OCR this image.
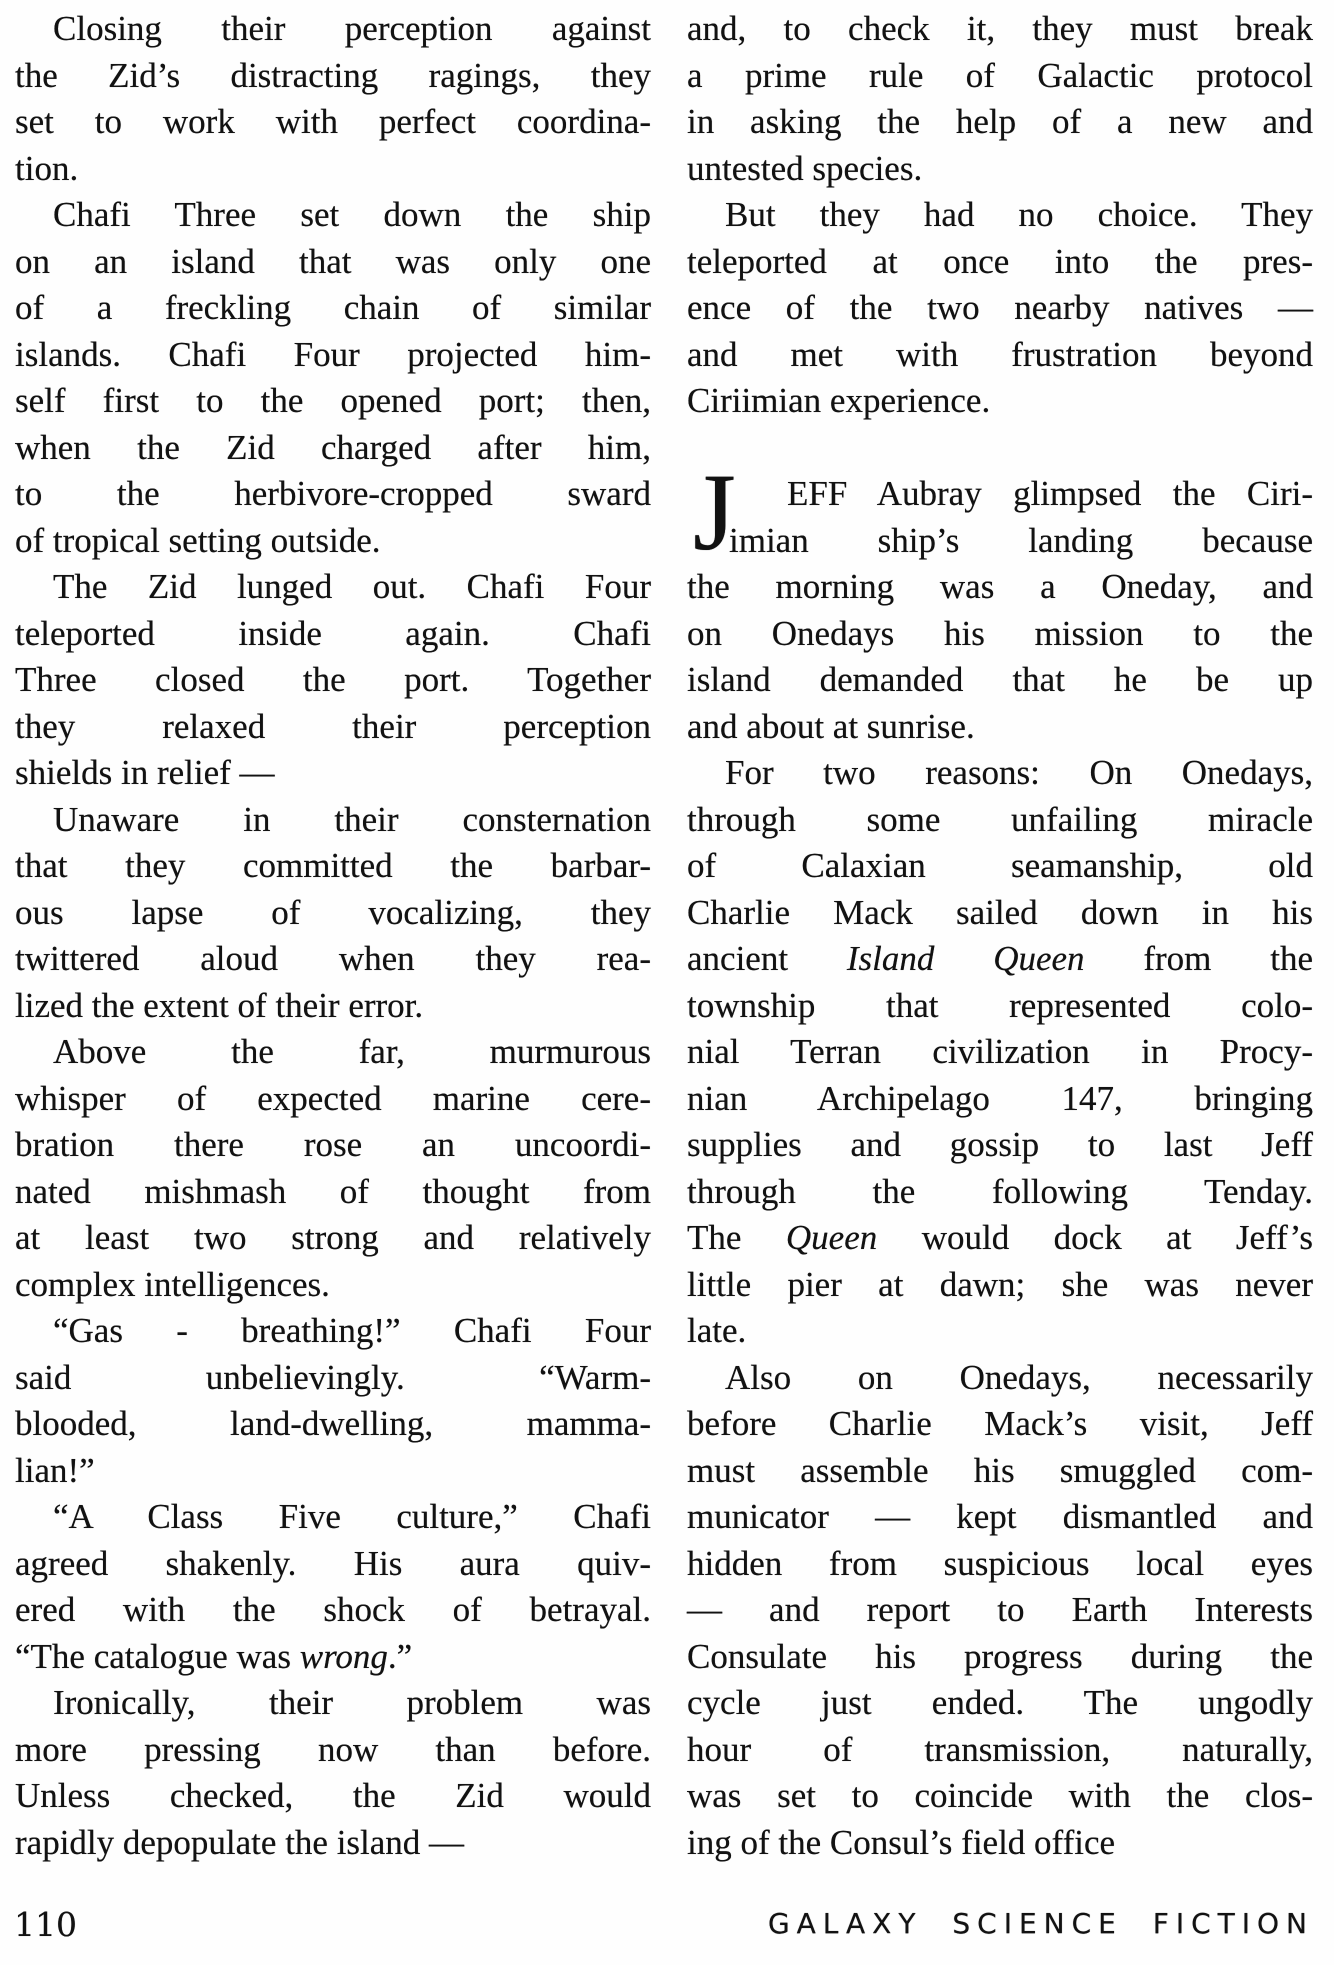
Closing their perception against
the Zid’s distracting ragings, they
set to work with perfect coordina-
tion.
Chafi Three set down the ship
on an island that was only one
of a freckling chain of similar
islands. Chafi Four projected him-
self first to the opened port; then,
when the Zid charged after him,
to the herbivore-cropped sward
of tropical setting outside.
The Zid lunged out. Chafi Four
teleported inside again. Chafi
Three closed the port. Together
they relaxed their perception
shields in relief —
Unaware in their consternation
that they committed the barbar-
ous lapse of vocalizing, they
twittered aloud when they rea-
lized the extent of their error.
Above the far, murmurous
whisper of expected marine cere-
bration there rose an uncoordi-
nated mishmash of thought from
at least two strong and relatively
complex intelligences.
“Gas - breathing!” Chafi Four
said unbelievingly. “Warm-
blooded, land-dwelling, mamma-
lian!”
“A Class Five culture,” Chafi
agreed shakenly. His aura quiv-
ered with the shock of betrayal.
“The catalogue was wrong.”
Ironically, their problem was
more pressing now than before.
Unless checked, the Zid would
rapidly depopulate the island —
and, to check it, they must break
a prime rule of Galactic protocol
in asking the help of a new and
untested species.
But they had no choice. They
teleported at once into the pres-
ence of the two nearby natives —
and met with frustration beyond
Ciriimian experience.
J	EFF Aubray glimpsed the Ciri-
imian ship’s landing because
the morning was a Oneday, and
on Onedays his mission to the
island demanded that he be up
and about at sunrise.
For two reasons: On Onedays,
through some unfailing miracle
of Calaxian seamanship, old
Charlie Mack sailed down in his
ancient Island Queen from the
township that represented colo-
nial Terran civilization in Procy-
nian Archipelago 147, bringing
supplies and gossip to last Jeff
through the following Tenday.
The Queen would dock at Jeff’s
little pier at dawn; she was never
late.
Also on Onedays, necessarily
before Charlie Mack’s visit, Jeff
must assemble his smuggled com-
municator — kept dismantled and
hidden from suspicious local eyes
— and report to Earth Interests
Consulate his progress during the
cycle just ended. The ungodly
hour of transmission, naturally,
was set to coincide with the clos-
ing of the Consul’s field office
110	GALAXY SCIENCE FICTION
